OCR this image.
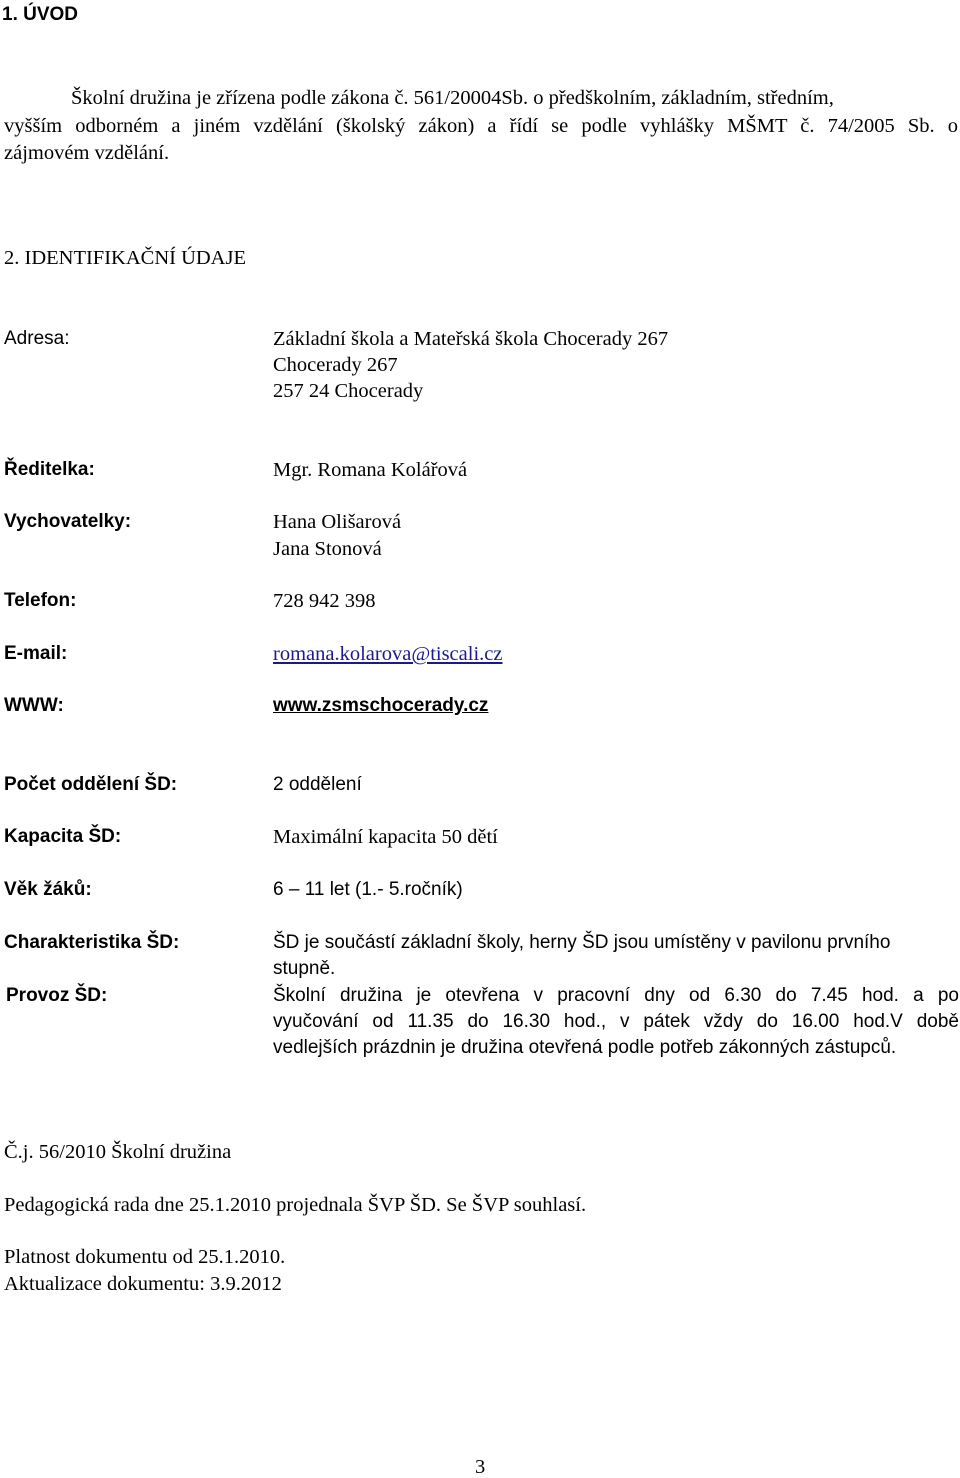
1. ÚVOD
Školní družina je zřízena podle zákona č. 561/20004Sb. o předškolním, základním, středním,
vyšším odborném a jiném vzdělání (školský zákon) a řídí se podle vyhlášky MŠMT č. 74/2005 Sb. o
zájmovém vzdělání.
2. IDENTIFIKAČNÍ ÚDAJE
Adresa:	Základní škola a Mateřská škola Chocerady 267
Chocerady 267
257 24 Chocerady
Ředitelka:	Mgr. Romana Kolářová
Vychovatelky:	Hana Olišarová
Jana Stonová
Telefon:	728 942 398
E-mail:	romana.kolarova@tiscali.cz
WWW:	www.zsmschocerady.cz
Počet oddělení ŠD:	2 oddělení
Kapacita ŠD:	Maximální kapacita 50 dětí
Věk žáků:	6 – 11 let (1.- 5.ročník)
Charakteristika ŠD:	ŠD je součástí základní školy, herny ŠD jsou umístěny v pavilonu prvního
stupně.
Provoz ŠD:	Školní družina je otevřena v pracovní dny od 6.30 do 7.45 hod. a po
vyučování od 11.35 do 16.30 hod., v pátek vždy do 16.00 hod.V době
vedlejších prázdnin je družina otevřená podle potřeb zákonných zástupců.
Č.j. 56/2010 Školní družina
Pedagogická rada dne 25.1.2010 projednala ŠVP ŠD. Se ŠVP souhlasí.
Platnost dokumentu od 25.1.2010.
Aktualizace dokumentu: 3.9.2012
3
